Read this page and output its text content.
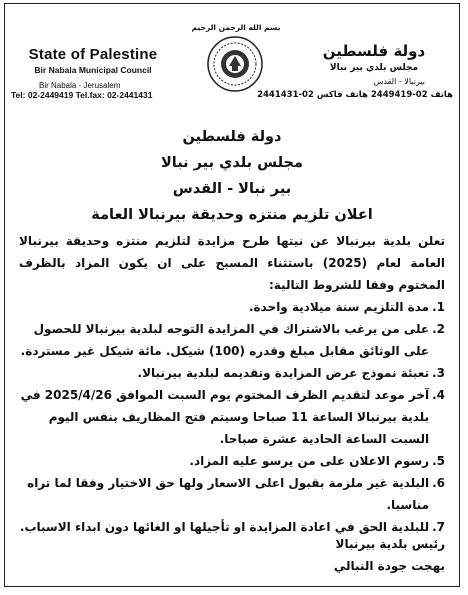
بسم الله الرحمن الرحيم
State of Palestine
Bir Nabala Municipal Council
Bir Nabala - Jerusalem
Tel: 02-2449419 Tel.fax: 02-2441431
دولة فلسطين
مجلس بلدي بير نبالا
بيرنبالا - القدس
هاتف 02-2449419 هاتف فاكس 02-2441431
دولة فلسطين
مجلس بلدي بير نبالا
بير نبالا - القدس
اعلان تلزيم منتزه وحديقة بيرنبالا العامة
تعلن بلدية بيرنبالا عن نيتها طرح مزايدة لتلزيم منتزه وحديقة بيرنبالا العامة لعام (2025) باستثناء المسبح على ان يكون المزاد بالظرف المختوم وفقا للشروط التالية:
1.
مدة التلزيم سنة ميلادية واحدة.
2.
على من يرغب بالاشتراك في المزايدة التوجه لبلدية بيرنبالا للحصول على الوثائق مقابل مبلغ وقدره (100) شيكل. مائة شيكل غير مستردة.
3.
تعبئة نموذج عرض المزايدة وتقديمه لبلدية بيرنبالا.
4.
آخر موعد لتقديم الظرف المختوم يوم السبت الموافق 2025/4/26 في بلدية بيرنبالا الساعة 11 صباحا وسيتم فتح المظاريف بنفس اليوم السبت الساعة الحادية عشرة صباحا.
5.
رسوم الاعلان على من يرسو عليه المزاد.
6.
البلدية غير ملزمة بقبول اعلى الاسعار ولها حق الاختيار وفقا لما تراه مناسبا.
7.
للبلدية الحق في اعادة المزايدة او تأجيلها او الغائها دون ابداء الاسباب.
رئيس بلدية بيرنبالا
بهجت جودة النبالي
